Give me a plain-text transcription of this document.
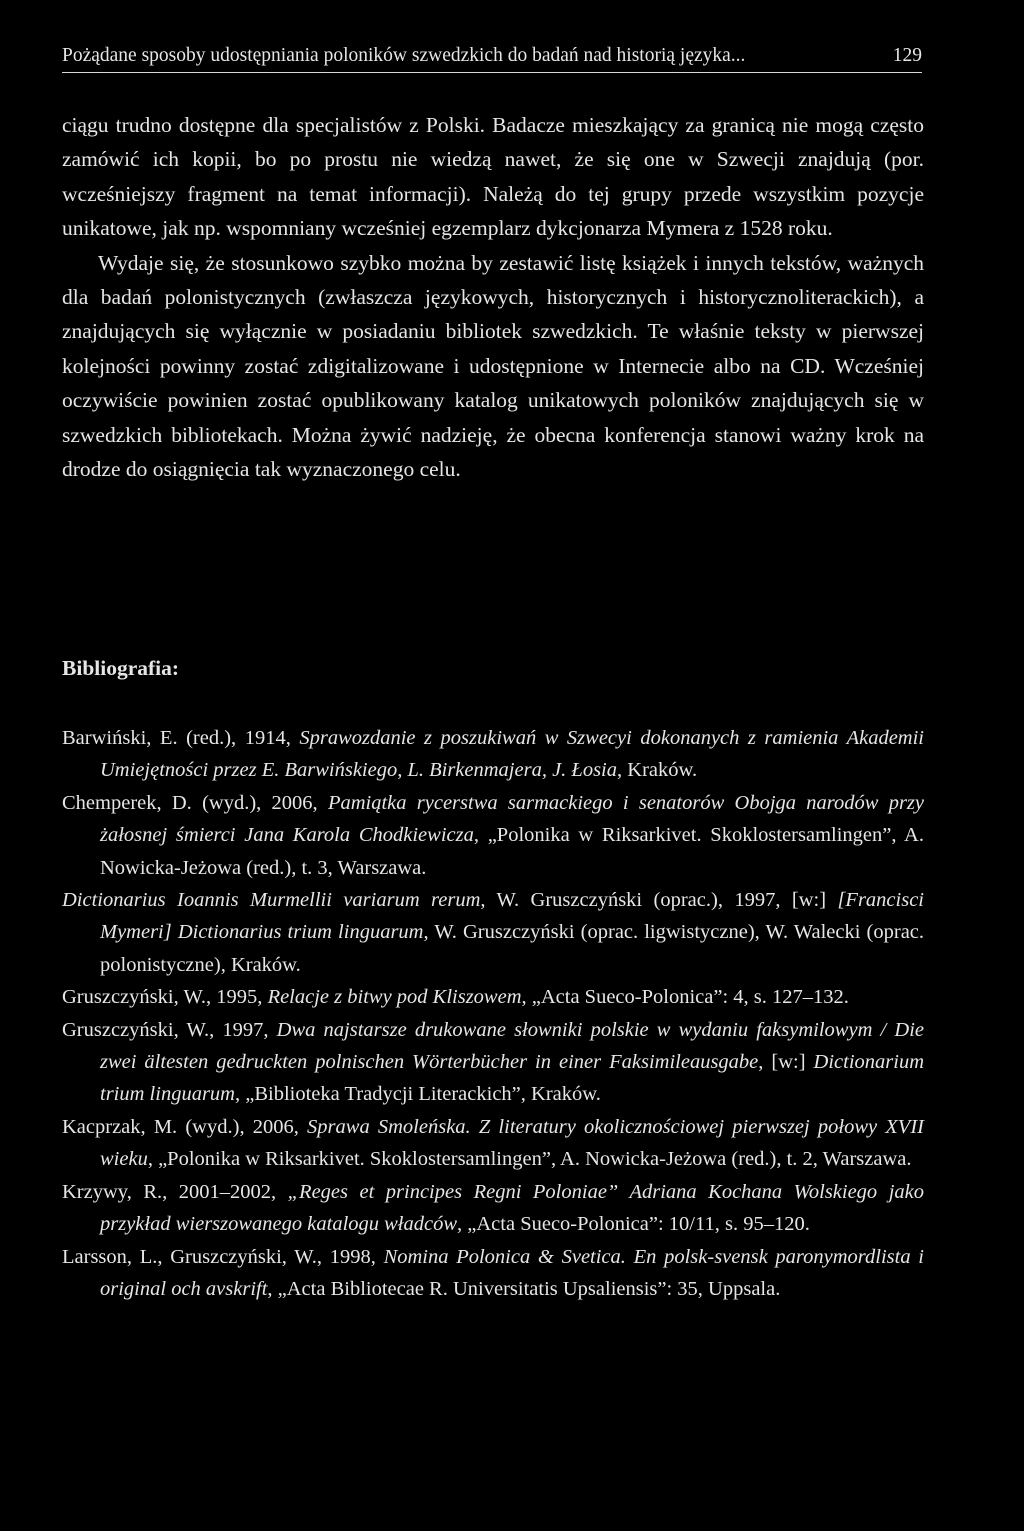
Pożądane sposoby udostępniania poloników szwedzkich do badań nad historią języka...	129

ciągu trudno dostępne dla specjalistów z Polski. Badacze mieszkający za granicą nie mogą często zamówić ich kopii, bo po prostu nie wiedzą nawet, że się one w Szwecji znajdują (por. wcześniejszy fragment na temat informacji). Należą do tej grupy przede wszystkim pozycje unikatowe, jak np. wspomniany wcześniej egzemplarz dykcjonarza Mymera z 1528 roku.

Wydaje się, że stosunkowo szybko można by zestawić listę książek i innych tekstów, ważnych dla badań polonistycznych (zwłaszcza językowych, historycznych i historycznoliterackich), a znajdujących się wyłącznie w posiadaniu bibliotek szwedzkich. Te właśnie teksty w pierwszej kolejności powinny zostać zdigitalizowane i udostępnione w Internecie albo na CD. Wcześniej oczywiście powinien zostać opublikowany katalog unikatowych poloników znajdujących się w szwedzkich bibliotekach. Można żywić nadzieję, że obecna konferencja stanowi ważny krok na drodze do osiągnięcia tak wyznaczonego celu.

Bibliografia:
Barwiński, E. (red.), 1914, Sprawozdanie z poszukiwań w Szwecyi dokonanych z ramienia Akademii Umiejętności przez E. Barwińskiego, L. Birkenmajera, J. Łosia, Kraków.
Chemperek, D. (wyd.), 2006, Pamiątka rycerstwa sarmackiego i senatorów Obojga narodów przy żałosnej śmierci Jana Karola Chodkiewicza, „Polonika w Riksarkivet. Skoklostersamlingen”, A. Nowicka-Jeżowa (red.), t. 3, Warszawa.
Dictionarius Ioannis Murmellii variarum rerum, W. Gruszczyński (oprac.), 1997, [w:] [Francisci Mymeri] Dictionarius trium linguarum, W. Gruszczyński (oprac. ligwistyczne), W. Walecki (oprac. polonistyczne), Kraków.
Gruszczyński, W., 1995, Relacje z bitwy pod Kliszowem, „Acta Sueco-Polonica”: 4, s. 127–132.
Gruszczyński, W., 1997, Dwa najstarsze drukowane słowniki polskie w wydaniu faksymilowym / Die zwei ältesten gedruckten polnischen Wörterbücher in einer Faksimileausgabe, [w:] Dictionarium trium linguarum, „Biblioteka Tradycji Literackich”, Kraków.
Kacprzak, M. (wyd.), 2006, Sprawa Smoleńska. Z literatury okolicznościowej pierwszej połowy XVII wieku, „Polonika w Riksarkivet. Skoklostersamlingen”, A. Nowicka-Jeżowa (red.), t. 2, Warszawa.
Krzywy, R., 2001–2002, „Reges et principes Regni Poloniae” Adriana Kochana Wolskiego jako przykład wierszowanego katalogu władców, „Acta Sueco-Polonica”: 10/11, s. 95–120.
Larsson, L., Gruszczyński, W., 1998, Nomina Polonica & Svetica. En polsk-svensk paronymordlista i original och avskrift, „Acta Bibliotecae R. Universitatis Upsaliensis”: 35, Uppsala.
